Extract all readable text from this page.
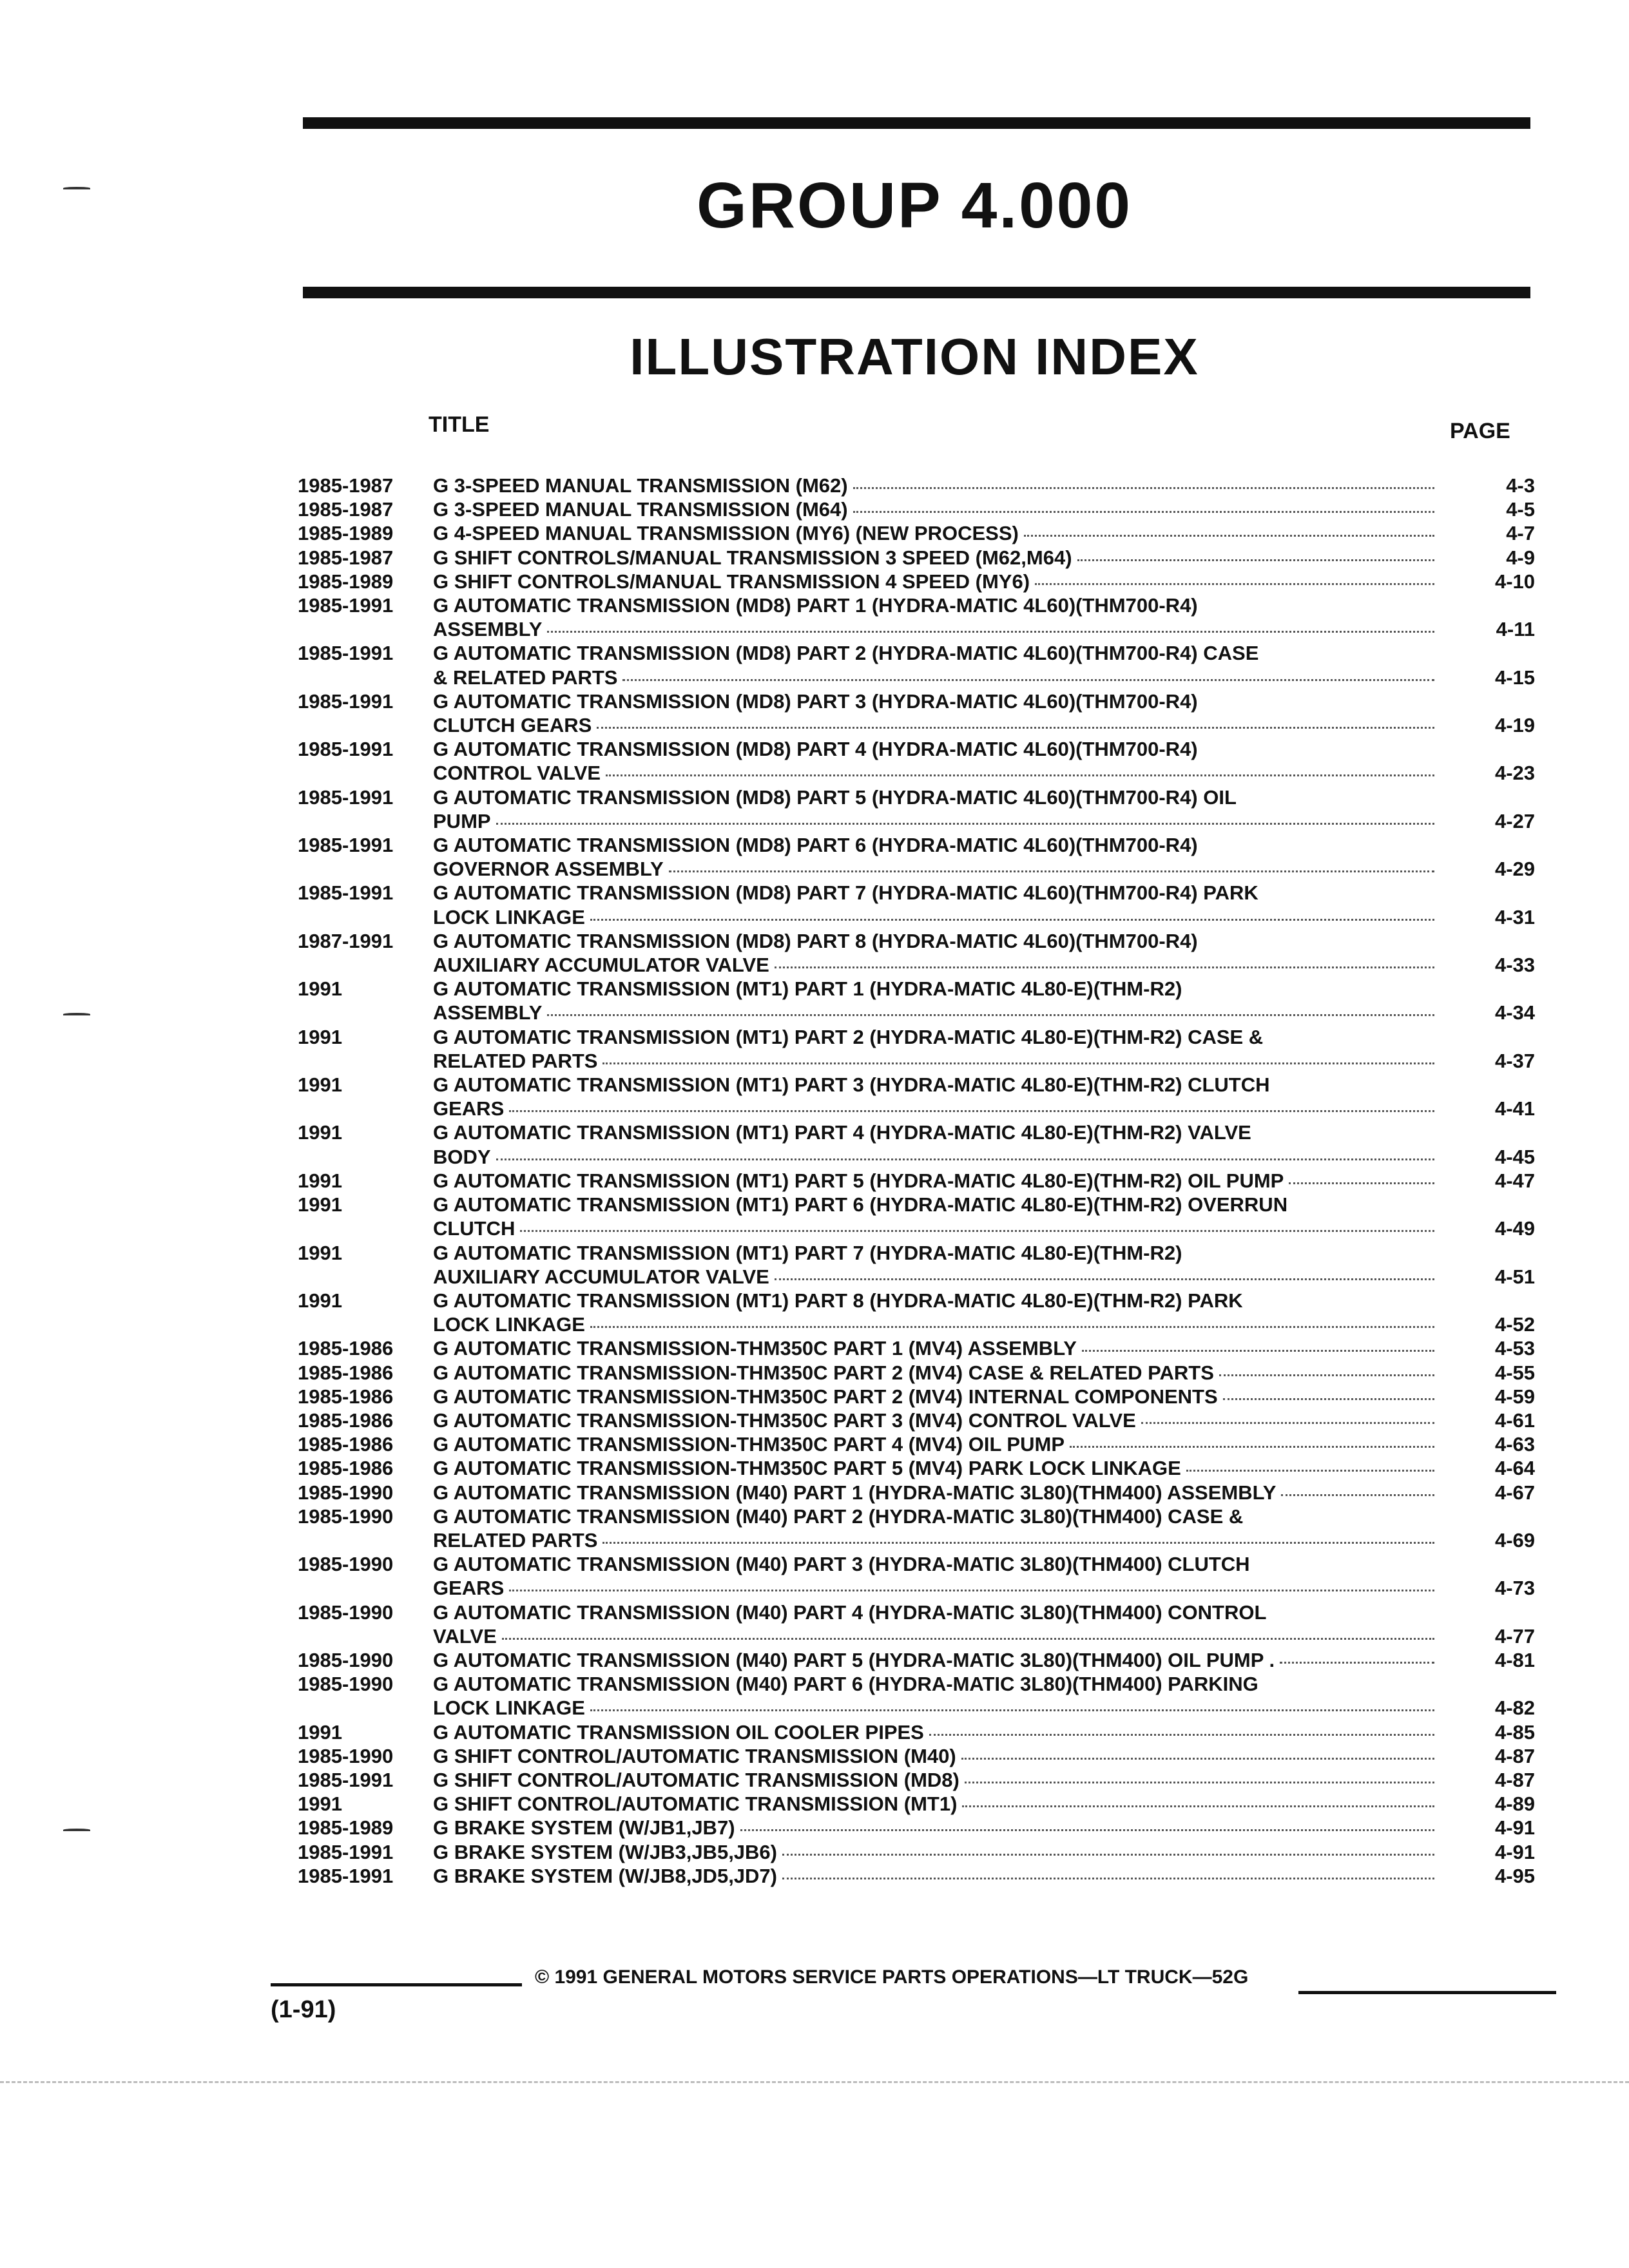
GROUP 4.000
ILLUSTRATION INDEX
TITLE	PAGE
1985-1987 G 3-SPEED MANUAL TRANSMISSION (M62)	4-3
1985-1987 G 3-SPEED MANUAL TRANSMISSION (M64)	4-5
1985-1989 G 4-SPEED MANUAL TRANSMISSION (MY6) (NEW PROCESS)	4-7
1985-1987 G SHIFT CONTROLS/MANUAL TRANSMISSION 3 SPEED (M62,M64)	4-9
1985-1989 G SHIFT CONTROLS/MANUAL TRANSMISSION 4 SPEED (MY6)	4-10
1985-1991 G AUTOMATIC TRANSMISSION (MD8) PART 1 (HYDRA-MATIC 4L60)(THM700-R4)
ASSEMBLY	4-11
1985-1991 G AUTOMATIC TRANSMISSION (MD8) PART 2 (HYDRA-MATIC 4L60)(THM700-R4) CASE
& RELATED PARTS	4-15
1985-1991 G AUTOMATIC TRANSMISSION (MD8) PART 3 (HYDRA-MATIC 4L60)(THM700-R4)
CLUTCH GEARS	4-19
1985-1991 G AUTOMATIC TRANSMISSION (MD8) PART 4 (HYDRA-MATIC 4L60)(THM700-R4)
CONTROL VALVE	4-23
1985-1991 G AUTOMATIC TRANSMISSION (MD8) PART 5 (HYDRA-MATIC 4L60)(THM700-R4) OIL
PUMP	4-27
1985-1991 G AUTOMATIC TRANSMISSION (MD8) PART 6 (HYDRA-MATIC 4L60)(THM700-R4)
GOVERNOR ASSEMBLY	4-29
1985-1991 G AUTOMATIC TRANSMISSION (MD8) PART 7 (HYDRA-MATIC 4L60)(THM700-R4) PARK
LOCK LINKAGE	4-31
1987-1991 G AUTOMATIC TRANSMISSION (MD8) PART 8 (HYDRA-MATIC 4L60)(THM700-R4)
AUXILIARY ACCUMULATOR VALVE	4-33
1991	G AUTOMATIC TRANSMISSION (MT1) PART 1 (HYDRA-MATIC 4L80-E)(THM-R2)
ASSEMBLY	4-34
1991	G AUTOMATIC TRANSMISSION (MT1) PART 2 (HYDRA-MATIC 4L80-E)(THM-R2) CASE &
RELATED PARTS	4-37
1991	G AUTOMATIC TRANSMISSION (MT1) PART 3 (HYDRA-MATIC 4L80-E)(THM-R2) CLUTCH
GEARS	4-41
1991	G AUTOMATIC TRANSMISSION (MT1) PART 4 (HYDRA-MATIC 4L80-E)(THM-R2) VALVE
BODY	4-45
1991	G AUTOMATIC TRANSMISSION (MT1) PART 5 (HYDRA-MATIC 4L80-E)(THM-R2) OIL PUMP	4-47
1991	G AUTOMATIC TRANSMISSION (MT1) PART 6 (HYDRA-MATIC 4L80-E)(THM-R2) OVERRUN
CLUTCH	4-49
1991	G AUTOMATIC TRANSMISSION (MT1) PART 7 (HYDRA-MATIC 4L80-E)(THM-R2)
AUXILIARY ACCUMULATOR VALVE	4-51
1991	G AUTOMATIC TRANSMISSION (MT1) PART 8 (HYDRA-MATIC 4L80-E)(THM-R2) PARK
LOCK LINKAGE	4-52
1985-1986 G AUTOMATIC TRANSMISSION-THM350C PART 1 (MV4) ASSEMBLY	4-53
1985-1986 G AUTOMATIC TRANSMISSION-THM350C PART 2 (MV4) CASE & RELATED PARTS	4-55
1985-1986 G AUTOMATIC TRANSMISSION-THM350C PART 2 (MV4) INTERNAL COMPONENTS	4-59
1985-1986 G AUTOMATIC TRANSMISSION-THM350C PART 3 (MV4) CONTROL VALVE	4-61
1985-1986 G AUTOMATIC TRANSMISSION-THM350C PART 4 (MV4) OIL PUMP	4-63
1985-1986 G AUTOMATIC TRANSMISSION-THM350C PART 5 (MV4) PARK LOCK LINKAGE	4-64
1985-1990 G AUTOMATIC TRANSMISSION (M40) PART 1 (HYDRA-MATIC 3L80)(THM400) ASSEMBLY	4-67
1985-1990 G AUTOMATIC TRANSMISSION (M40) PART 2 (HYDRA-MATIC 3L80)(THM400) CASE &
RELATED PARTS	4-69
1985-1990 G AUTOMATIC TRANSMISSION (M40) PART 3 (HYDRA-MATIC 3L80)(THM400) CLUTCH
GEARS	4-73
1985-1990 G AUTOMATIC TRANSMISSION (M40) PART 4 (HYDRA-MATIC 3L80)(THM400) CONTROL
VALVE	4-77
1985-1990 G AUTOMATIC TRANSMISSION (M40) PART 5 (HYDRA-MATIC 3L80)(THM400) OIL PUMP .	4-81
1985-1990 G AUTOMATIC TRANSMISSION (M40) PART 6 (HYDRA-MATIC 3L80)(THM400) PARKING
LOCK LINKAGE	4-82
1991	G AUTOMATIC TRANSMISSION OIL COOLER PIPES	4-85
1985-1990 G SHIFT CONTROL/AUTOMATIC TRANSMISSION (M40)	4-87
1985-1991 G SHIFT CONTROL/AUTOMATIC TRANSMISSION (MD8)	4-87
1991	G SHIFT CONTROL/AUTOMATIC TRANSMISSION (MT1)	4-89
1985-1989 G BRAKE SYSTEM (W/JB1,JB7)	4-91
1985-1991 G BRAKE SYSTEM (W/JB3,JB5,JB6)	4-91
1985-1991 G BRAKE SYSTEM (W/JB8,JD5,JD7)	4-95
© 1991 GENERAL MOTORS SERVICE PARTS OPERATIONS—LT TRUCK—52G
(1-91)
